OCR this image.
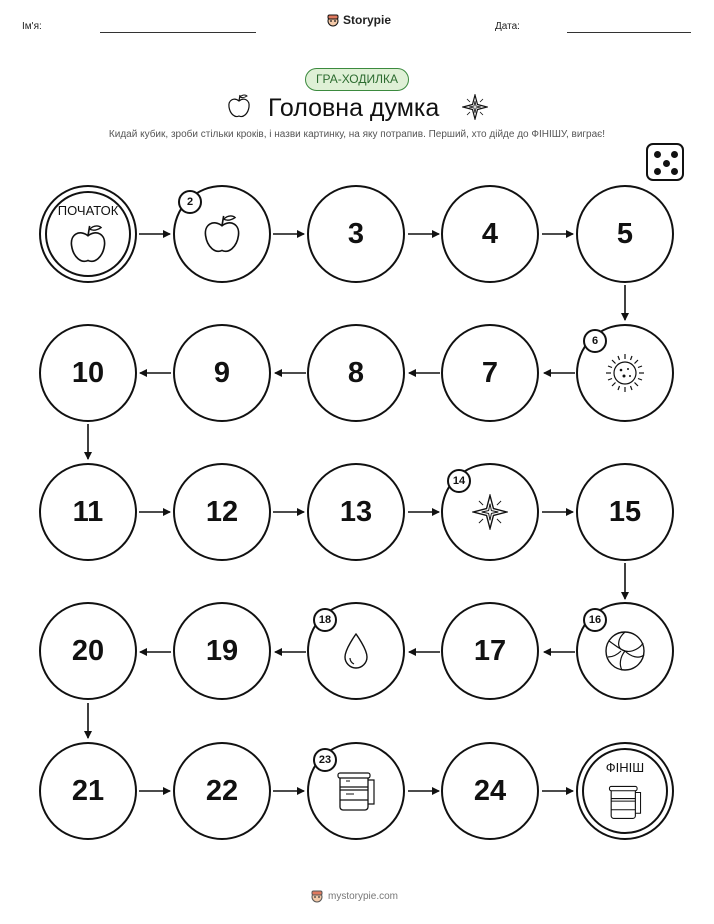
Ім'я:	Storypie	Дата:
ГРА-ХОДИЛКА
Головна думка
Кидай кубик, зроби стільки кроків, і назви картинку, на яку потрапив. Перший, хто дійде до ФІНІШУ, виграє!
ПОЧАТОК
2
3	4	5
10	9	8	7
6
11	12	13
14
15
20	19
18
17
16
21	22
23
24
ФІНІШ
mystorypie.com
